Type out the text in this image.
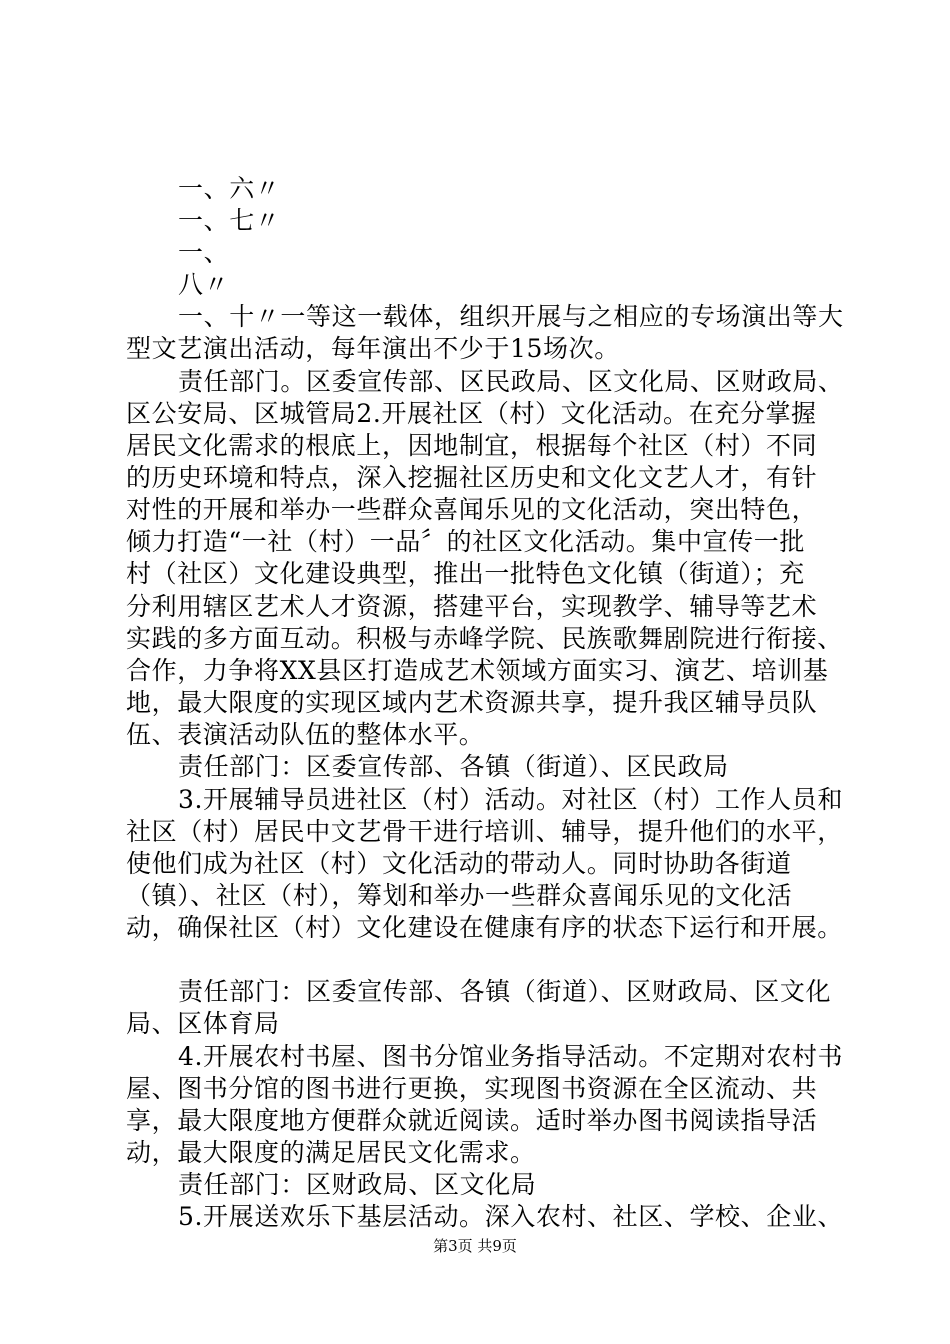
一、六〃
一、七〃
一、
八〃
一、十〃一等这一载体，组织开展与之相应的专场演出等大
型文艺演出活动，每年演出不少于15场次。
责任部门。区委宣传部、区民政局、区文化局、区财政局、
区公安局、区城管局2.开展社区（村）文化活动。在充分掌握
居民文化需求的根底上，因地制宜，根据每个社区（村）不同
的历史环境和特点，深入挖掘社区历史和文化文艺人才，有针
对性的开展和举办一些群众喜闻乐见的文化活动，突出特色，
倾力打造“一社（村）一品〞的社区文化活动。集中宣传一批
村（社区）文化建设典型，推出一批特色文化镇（街道）；充
分利用辖区艺术人才资源，搭建平台，实现教学、辅导等艺术
实践的多方面互动。积极与赤峰学院、民族歌舞剧院进行衔接、
合作，力争将XX县区打造成艺术领域方面实习、演艺、培训基
地，最大限度的实现区域内艺术资源共享，提升我区辅导员队
伍、表演活动队伍的整体水平。
责任部门：区委宣传部、各镇（街道）、区民政局
3.开展辅导员进社区（村）活动。对社区（村）工作人员和
社区（村）居民中文艺骨干进行培训、辅导，提升他们的水平，
使他们成为社区（村）文化活动的带动人。同时协助各街道
（镇）、社区（村），筹划和举办一些群众喜闻乐见的文化活
动，确保社区（村）文化建设在健康有序的状态下运行和开展。
责任部门：区委宣传部、各镇（街道）、区财政局、区文化
局、区体育局
4.开展农村书屋、图书分馆业务指导活动。不定期对农村书
屋、图书分馆的图书进行更换，实现图书资源在全区流动、共
享，最大限度地方便群众就近阅读。适时举办图书阅读指导活
动，最大限度的满足居民文化需求。
责任部门：区财政局、区文化局
5.开展送欢乐下基层活动。深入农村、社区、学校、企业、
第3页 共9页
